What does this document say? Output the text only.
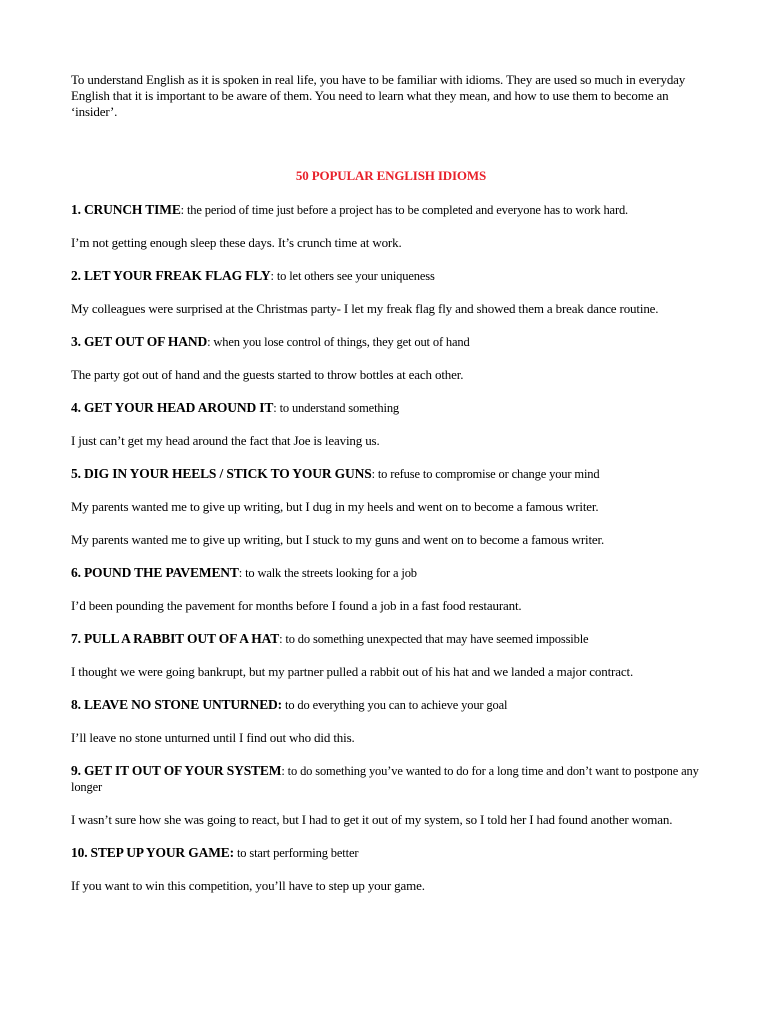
To understand English as it is spoken in real life, you have to be familiar with idioms. They are used so much in everyday English that it is important to be aware of them. You need to learn what they mean, and how to use them to become an ‘insider’.

50 POPULAR ENGLISH IDIOMS

1. CRUNCH TIME: the period of time just before a project has to be completed and everyone has to work hard.

I’m not getting enough sleep these days. It’s crunch time at work.

2. LET YOUR FREAK FLAG FLY: to let others see your uniqueness

My colleagues were surprised at the Christmas party- I let my freak flag fly and showed them a break dance routine.

3. GET OUT OF HAND: when you lose control of things, they get out of hand

The party got out of hand and the guests started to throw bottles at each other.

4. GET YOUR HEAD AROUND IT: to understand something

I just can’t get my head around the fact that Joe is leaving us.

5. DIG IN YOUR HEELS / STICK TO YOUR GUNS: to refuse to compromise or change your mind

My parents wanted me to give up writing, but I dug in my heels and went on to become a famous writer.

My parents wanted me to give up writing, but I stuck to my guns and went on to become a famous writer.

6. POUND THE PAVEMENT: to walk the streets looking for a job

I’d been pounding the pavement for months before I found a job in a fast food restaurant.

7. PULL A RABBIT OUT OF A HAT: to do something unexpected that may have seemed impossible

I thought we were going bankrupt, but my partner pulled a rabbit out of his hat and we landed a major contract.

8. LEAVE NO STONE UNTURNED: to do everything you can to achieve your goal

I’ll leave no stone unturned until I find out who did this.

9. GET IT OUT OF YOUR SYSTEM: to do something you’ve wanted to do for a long time and don’t want to postpone any longer

I wasn’t sure how she was going to react, but I had to get it out of my system, so I told her I had found another woman.

10. STEP UP YOUR GAME: to start performing better

If you want to win this competition, you’ll have to step up your game.
